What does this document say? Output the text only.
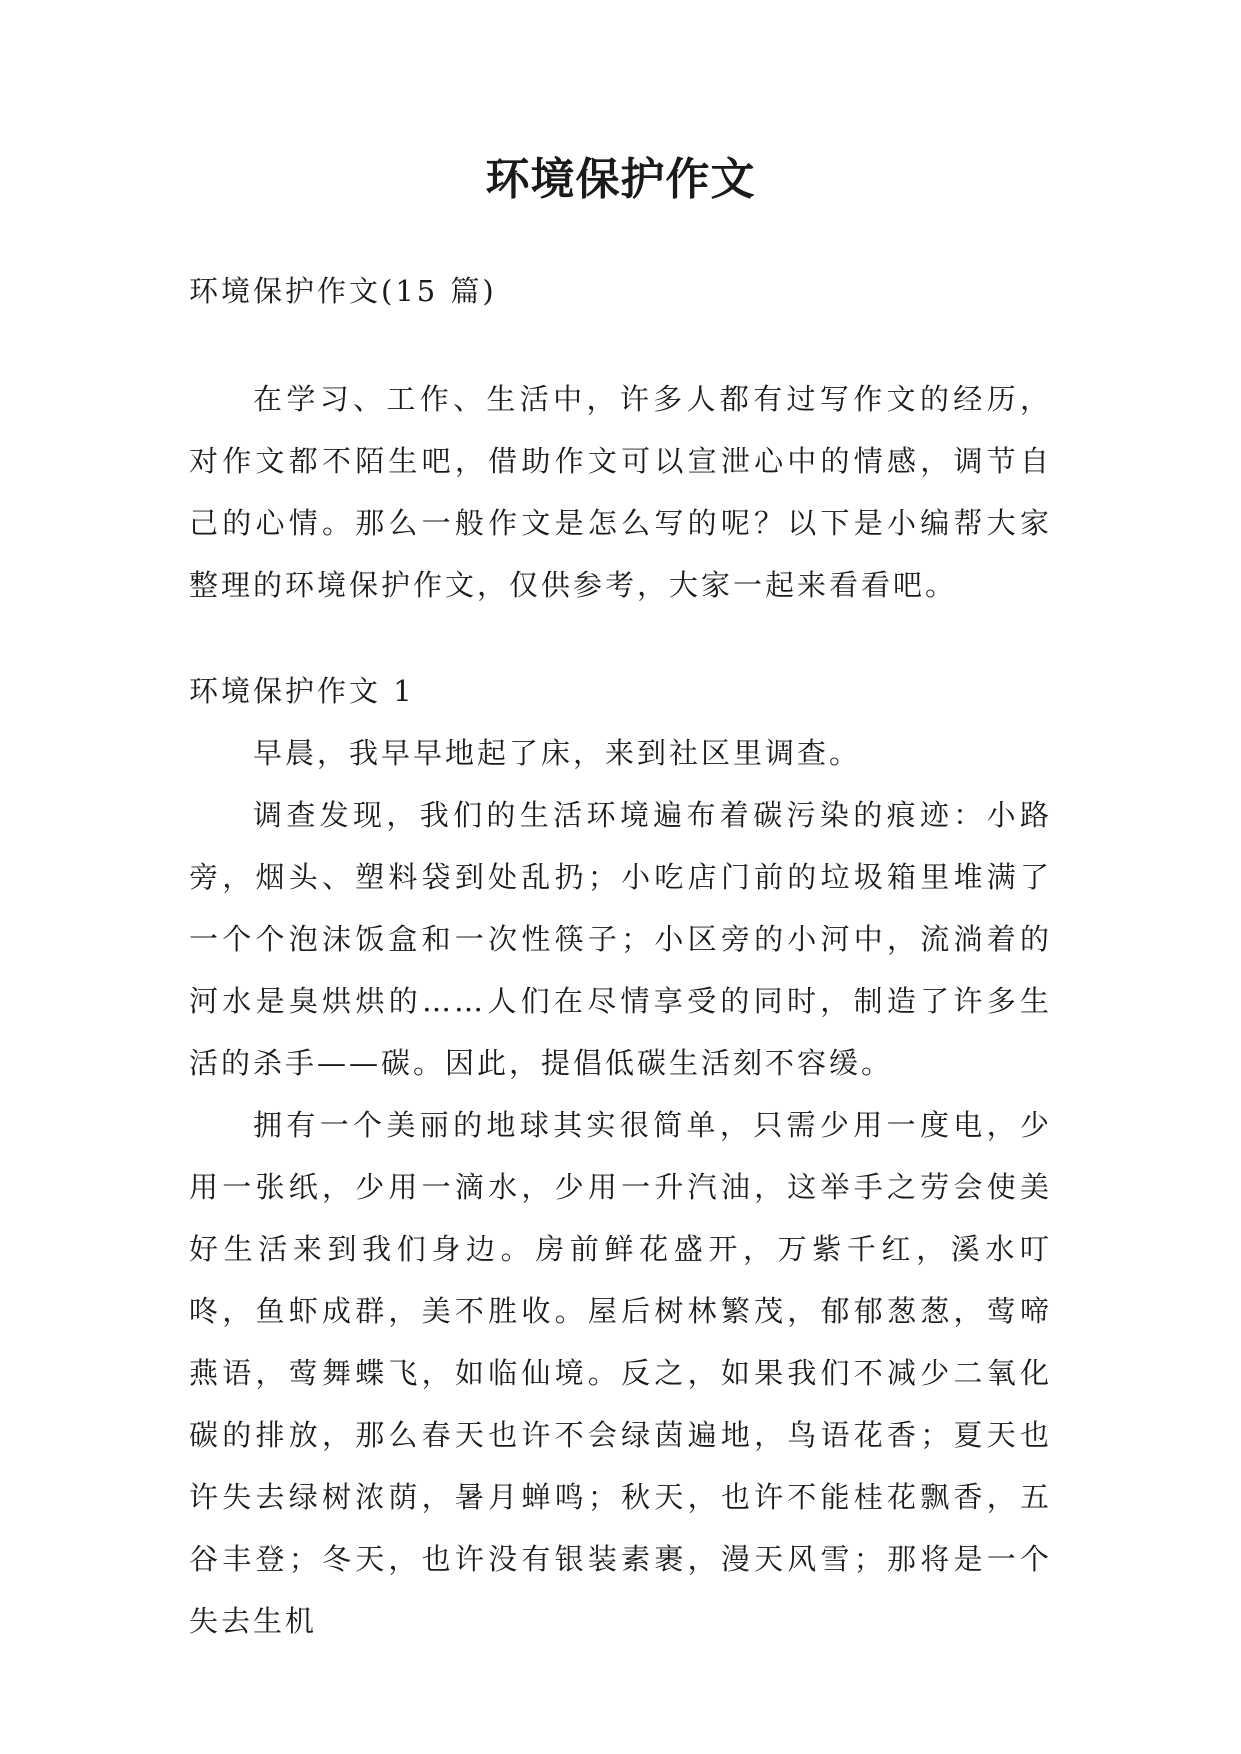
环境保护作文

环境保护作文(15 篇)

在学习、工作、生活中，许多人都有过写作文的经历，对作文都不陌生吧，借助作文可以宣泄心中的情感，调节自己的心情。那么一般作文是怎么写的呢？以下是小编帮大家整理的环境保护作文，仅供参考，大家一起来看看吧。

环境保护作文 1

早晨，我早早地起了床，来到社区里调查。

调查发现，我们的生活环境遍布着碳污染的痕迹：小路旁，烟头、塑料袋到处乱扔；小吃店门前的垃圾箱里堆满了一个个泡沫饭盒和一次性筷子；小区旁的小河中，流淌着的河水是臭烘烘的……人们在尽情享受的同时，制造了许多生活的杀手——碳。因此，提倡低碳生活刻不容缓。

拥有一个美丽的地球其实很简单，只需少用一度电，少用一张纸，少用一滴水，少用一升汽油，这举手之劳会使美好生活来到我们身边。房前鲜花盛开，万紫千红，溪水叮咚，鱼虾成群，美不胜收。屋后树林繁茂，郁郁葱葱，莺啼燕语，莺舞蝶飞，如临仙境。反之，如果我们不减少二氧化碳的排放，那么春天也许不会绿茵遍地，鸟语花香；夏天也许失去绿树浓荫，暑月蝉鸣；秋天，也许不能桂花飘香，五谷丰登；冬天，也许没有银装素裹，漫天风雪；那将是一个失去生机
